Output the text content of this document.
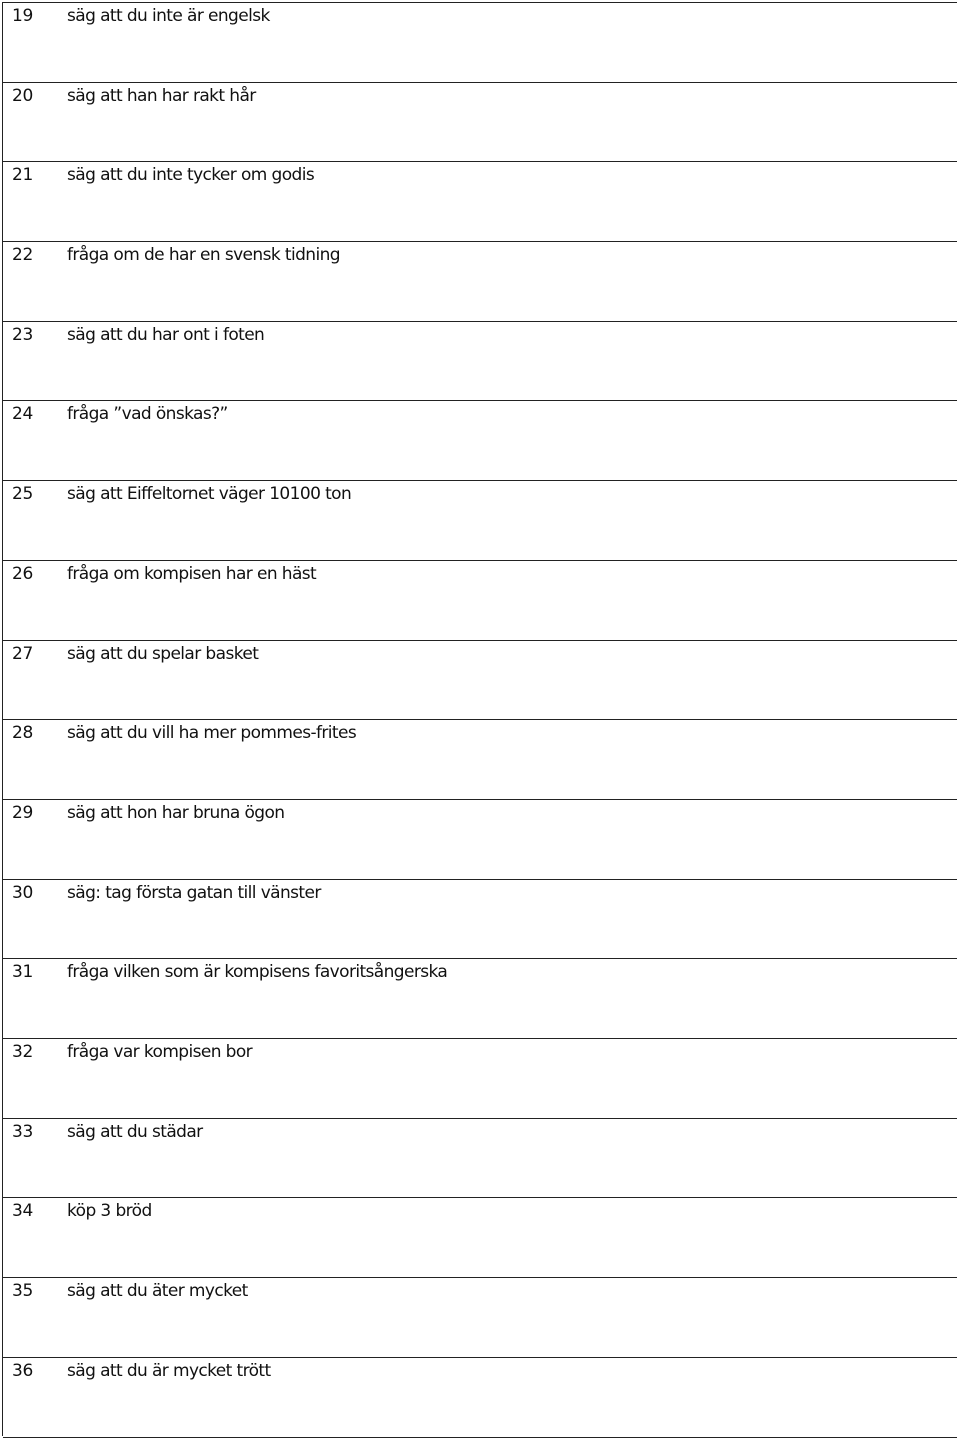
19	säg att du inte är engelsk
20	säg att han har rakt hår
21	säg att du inte tycker om godis
22	fråga om de har en svensk tidning
23	säg att du har ont i foten
24	fråga ”vad önskas?”
25	säg att Eiffeltornet väger 10100 ton
26	fråga om kompisen har en häst
27	säg att du spelar basket
28	säg att du vill ha mer pommes-frites
29	säg att hon har bruna ögon
30	säg: tag första gatan till vänster
31	fråga vilken som är kompisens favoritsångerska
32	fråga var kompisen bor
33	säg att du städar
34	köp 3 bröd
35	säg att du äter mycket
36	säg att du är mycket trött
